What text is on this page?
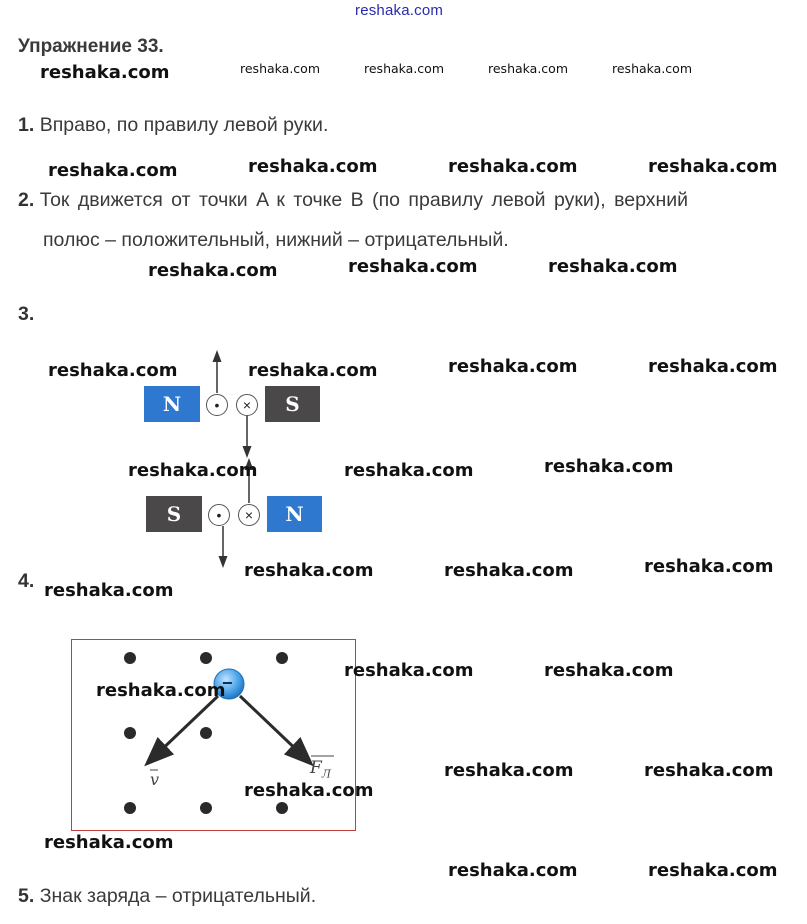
reshaka.com
Упражнение 33.
reshaka.com	reshaka.com	reshaka.com	reshaka.com	reshaka.com
1. Вправо, по правилу левой руки.
reshaka.com	reshaka.com	reshaka.com	reshaka.com
2. Ток движется от точки A к точке B (по правилу левой руки), верхний
полюс – положительный, нижний – отрицательный.
reshaka.com	reshaka.com	reshaka.com
3.
N • × S
S	• × N
reshaka.com	reshaka.com	reshaka.com	reshaka.com
reshaka.com	reshaka.com	reshaka.com
reshaka.com	reshaka.com	reshaka.com
4. reshaka.com
−
v
$F_Л$
reshaka.com	reshaka.com
reshaka.com
reshaka.com	reshaka.com
reshaka.com
reshaka.com
reshaka.com	reshaka.com
5. Знак заряда – отрицательный.
